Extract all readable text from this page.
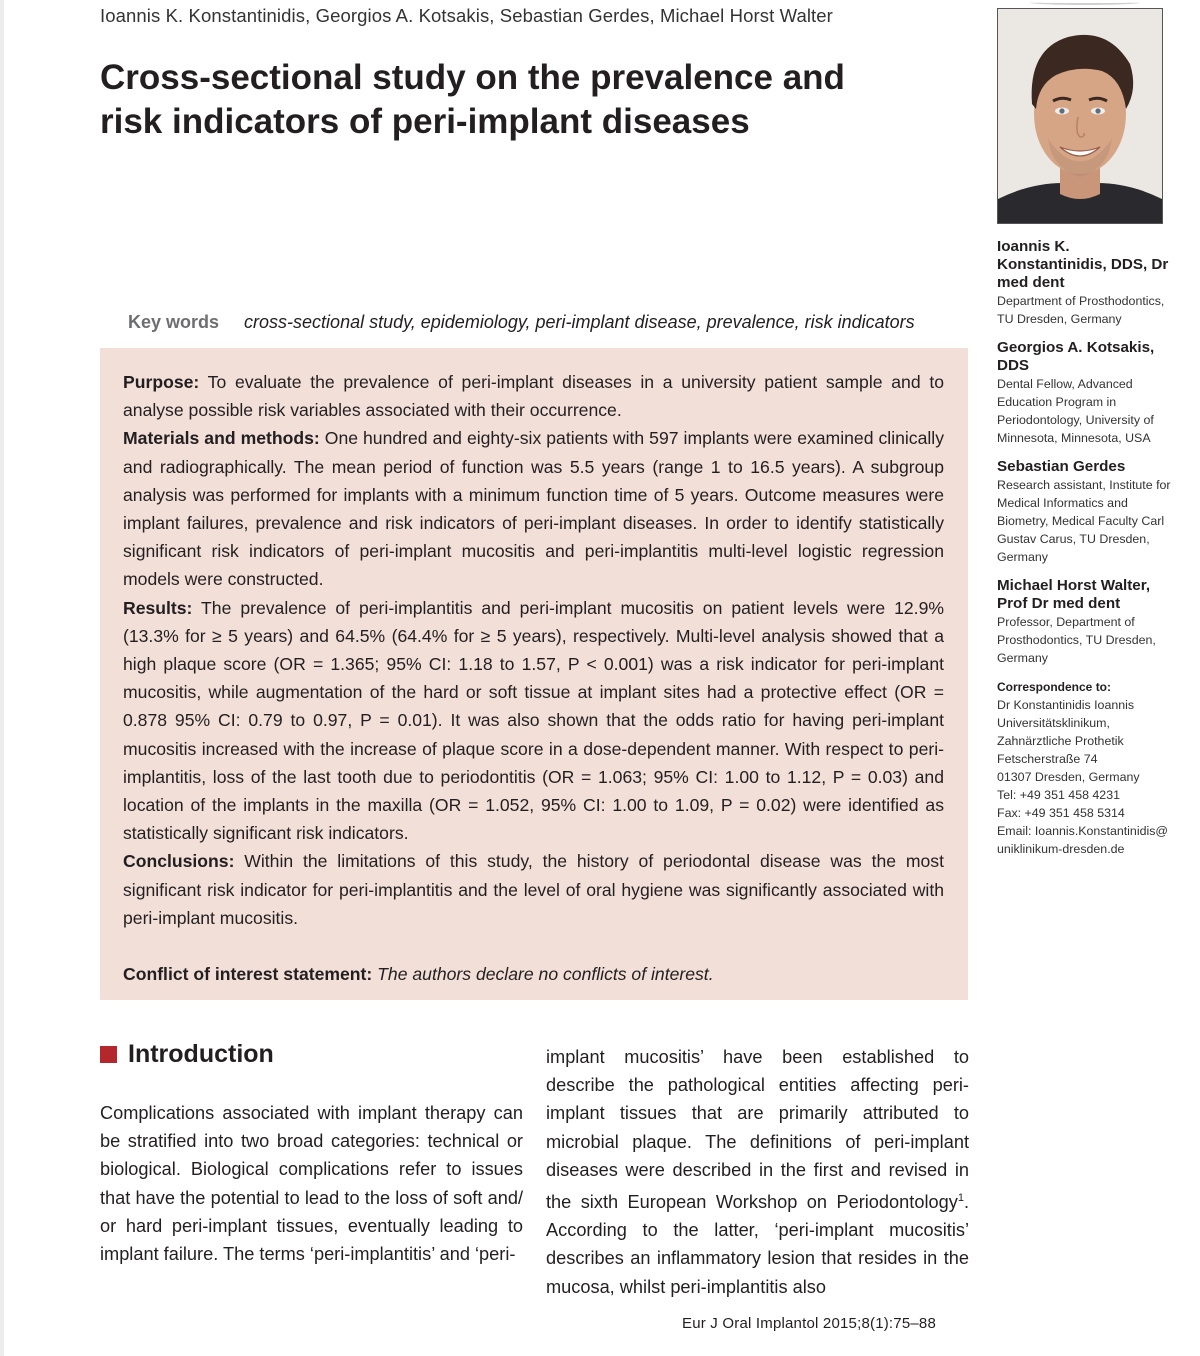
Ioannis K. Konstantinidis, Georgios A. Kotsakis, Sebastian Gerdes, Michael Horst Walter
Cross-sectional study on the prevalence and
risk indicators of peri-implant diseases
Ioannis K. Konstantinidis, DDS, Dr med dent
Department of Prosthodontics, TU Dresden, Germany
Georgios A. Kotsakis, DDS
Dental Fellow, Advanced Education Program in Periodontology, University of Minnesota, Minnesota, USA
Sebastian Gerdes
Research assistant, Institute for Medical Informatics and Biometry, Medical Faculty Carl Gustav Carus, TU Dresden, Germany
Michael Horst Walter, Prof Dr med dent
Professor, Department of Prosthodontics, TU Dresden, Germany
Correspondence to:
Dr Konstantinidis Ioannis
Universitätsklinikum,
Zahnärztliche Prothetik
Fetscherstraße 74
01307 Dresden, Germany
Tel: +49 351 458 4231
Fax: +49 351 458 5314
Email: Ioannis.Konstantinidis@
uniklinikum-dresden.de
Key words cross-sectional study, epidemiology, peri-implant disease, prevalence, risk indicators

Purpose: To evaluate the prevalence of peri-implant diseases in a university patient sample and to analyse possible risk variables associated with their occurrence.
Materials and methods: One hundred and eighty-six patients with 597 implants were examined clinically and radiographically. The mean period of function was 5.5 years (range 1 to 16.5 years). A subgroup analysis was performed for implants with a minimum function time of 5 years. Outcome measures were implant failures, prevalence and risk indicators of peri-implant diseases. In order to identify statistically significant risk indicators of peri-implant mucositis and peri-implantitis multi-level logistic regression models were constructed.
Results: The prevalence of peri-implantitis and peri-implant mucositis on patient levels were 12.9% (13.3% for ≥ 5 years) and 64.5% (64.4% for ≥ 5 years), respectively. Multi-level analysis showed that a high plaque score (OR = 1.365; 95% CI: 1.18 to 1.57, P < 0.001) was a risk indicator for peri-implant mucositis, while augmentation of the hard or soft tissue at implant sites had a protective effect (OR = 0.878 95% CI: 0.79 to 0.97, P = 0.01). It was also shown that the odds ratio for having peri-implant mucositis increased with the increase of plaque score in a dose-dependent manner. With respect to peri-implantitis, loss of the last tooth due to periodontitis (OR = 1.063; 95% CI: 1.00 to 1.12, P = 0.03) and location of the implants in the maxilla (OR = 1.052, 95% CI: 1.00 to 1.09, P = 0.02) were identified as statistically significant risk indicators.
Conclusions: Within the limitations of this study, the history of periodontal disease was the most significant risk indicator for peri-implantitis and the level of oral hygiene was significantly associated with peri-implant mucositis.

Conflict of interest statement: The authors declare no conflicts of interest.

Introduction

Complications associated with implant therapy can be stratified into two broad categories: technical or biological. Biological complications refer to issues that have the potential to lead to the loss of soft and/ or hard peri-implant tissues, eventually leading to implant failure. The terms ‘peri-implantitis’ and ‘peri-

implant mucositis’ have been established to describe the pathological entities affecting peri-implant tissues that are primarily attributed to microbial plaque. The definitions of peri-implant diseases were described in the first and revised in the sixth European Workshop on Periodontology$^1$. According to the latter, ‘peri-implant mucositis’ describes an inflammatory lesion that resides in the mucosa, whilst peri-implantitis also

Eur J Oral Implantol 2015;8(1):75–88
